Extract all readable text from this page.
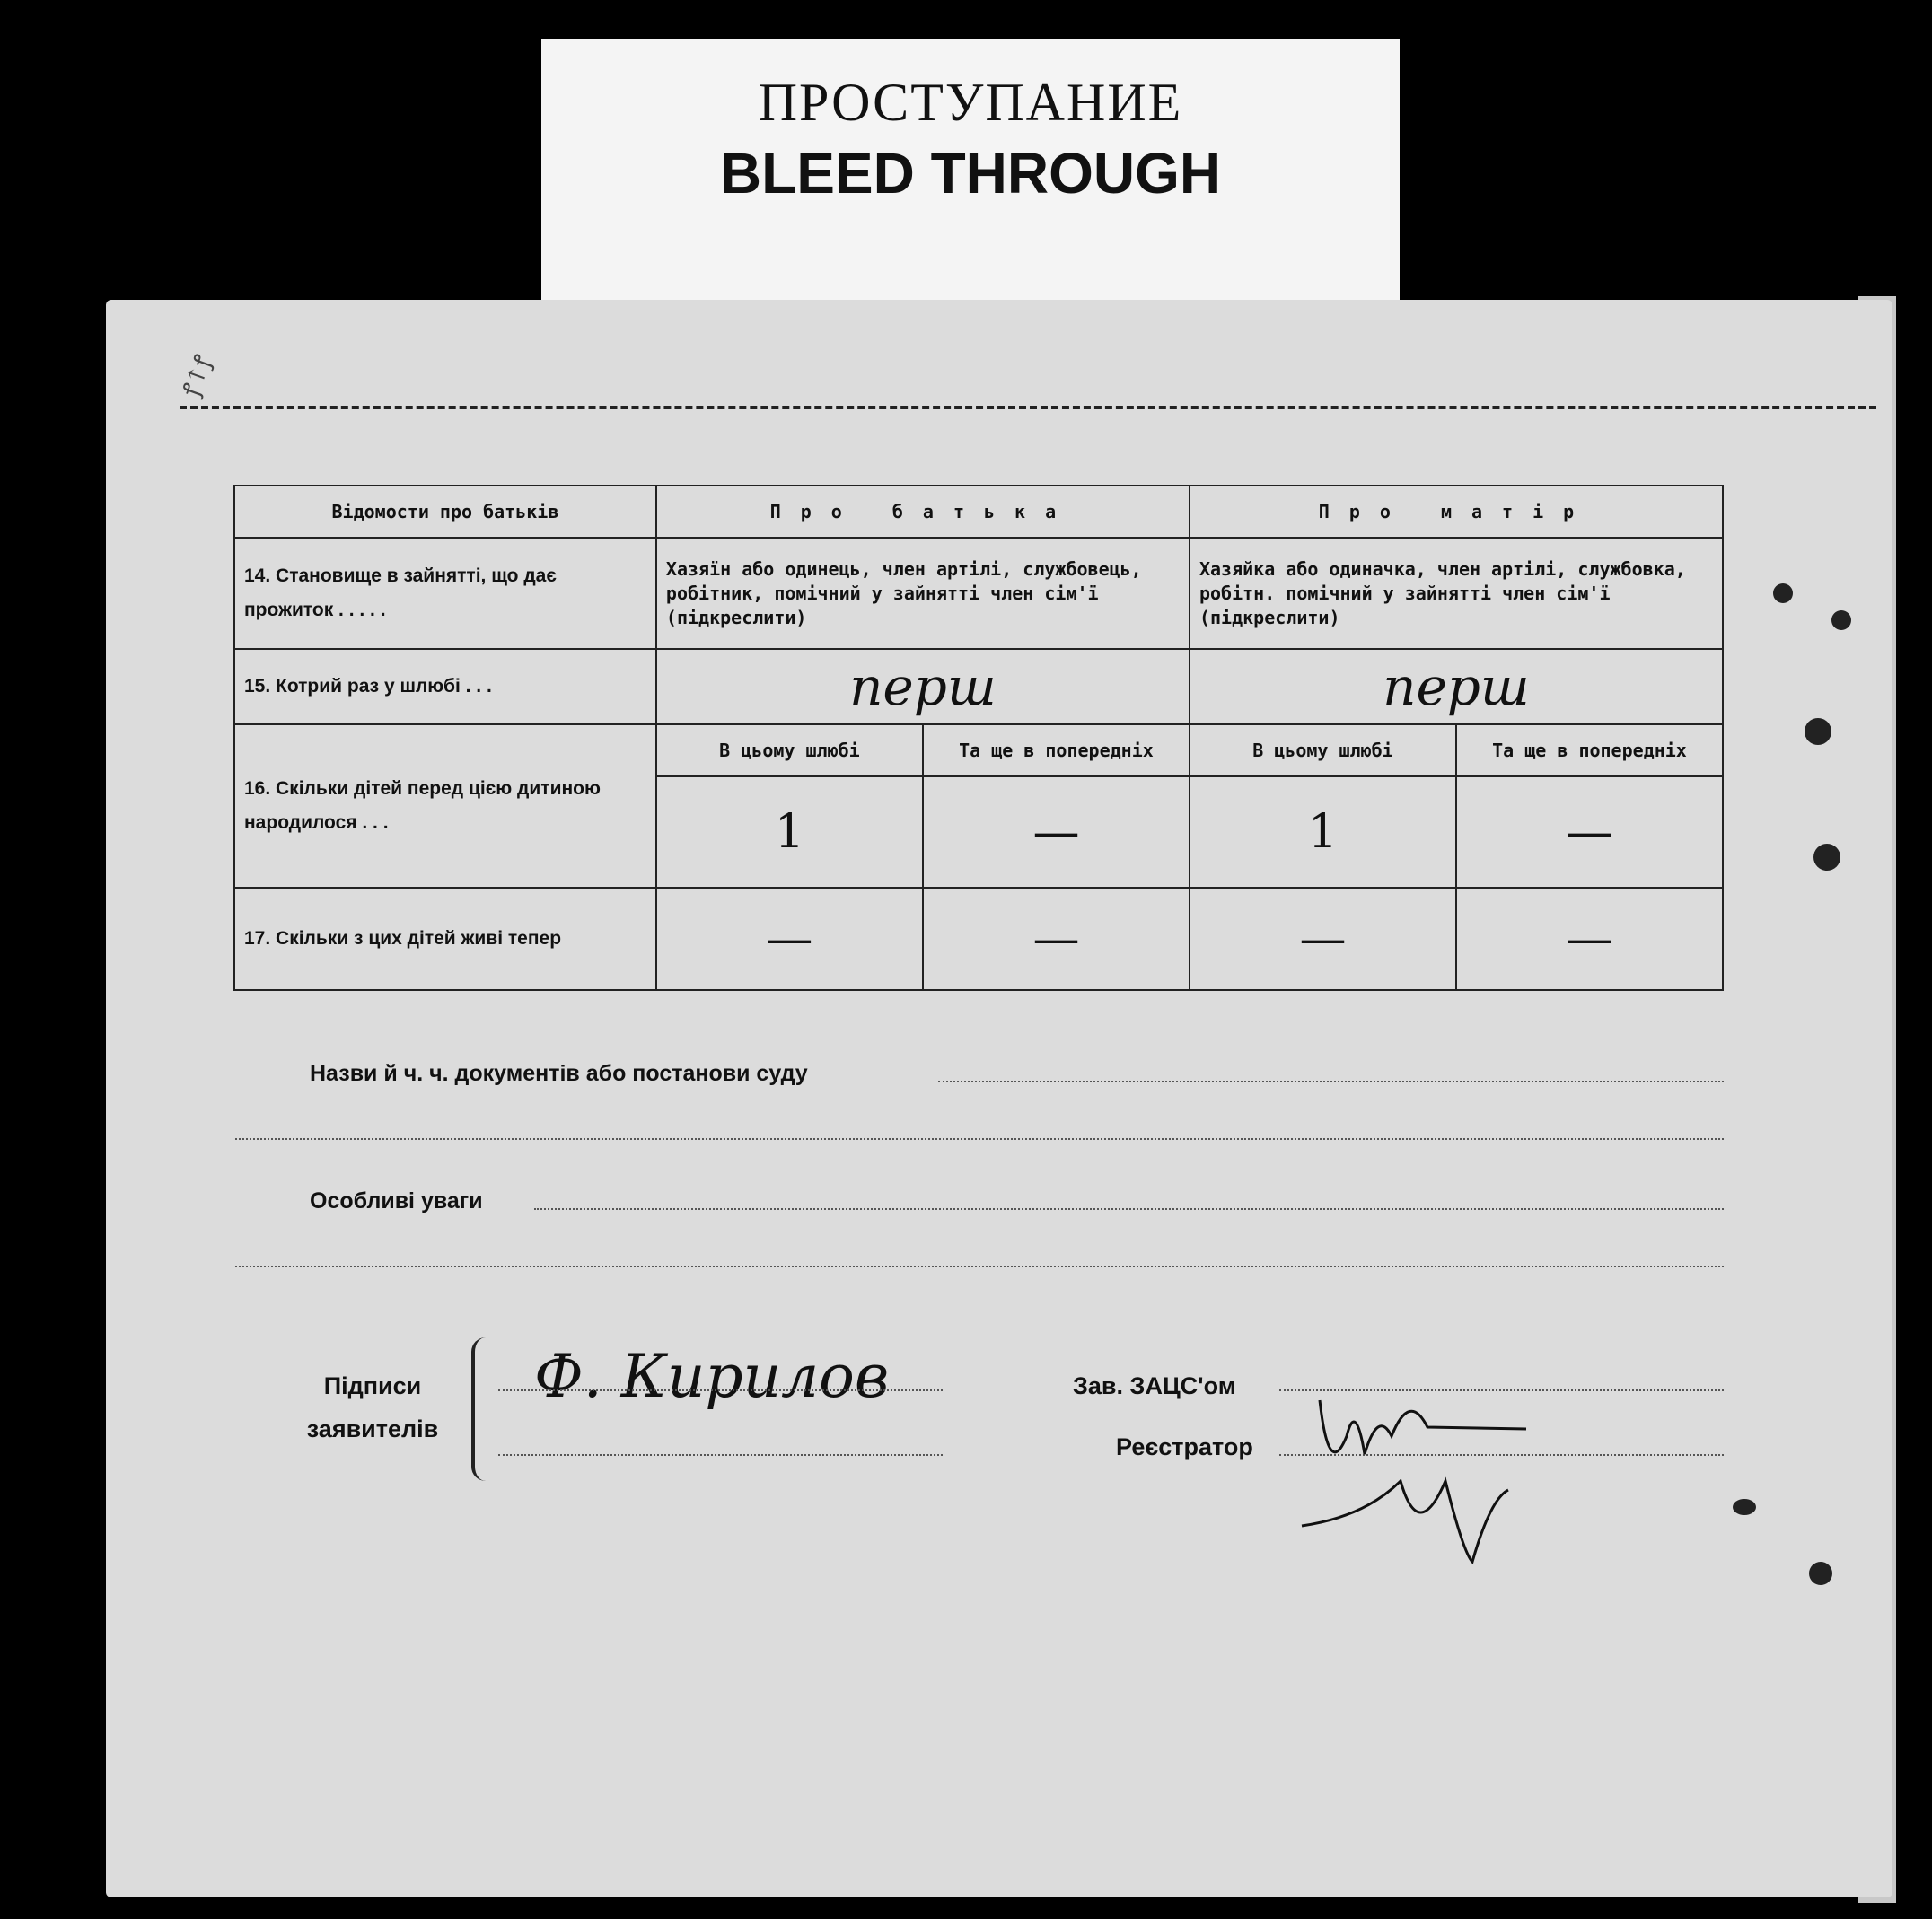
ПРОСТУПАНИЕ
BLEED THROUGH
ꝭ↑ꝭ
Відомости про батьків	Про батька		Про матір	
14. Становище в зайнятті, що дає прожиток . . . . .	Хазяїн або одинець, член артілі, службовець, робітник, помічний у зайнятті член сім'ї (підкреслити)		Хазяйка або одиначка, член артілі, службовка, робітн. помічний у зайнятті член сім'ї (підкреслити)	
15. Котрий раз у шлюбі . . .	перш		перш	
16. Скільки дітей перед цією дитиною народилося . . .	В цьому шлюбі	Та ще в попередніх	В цьому шлюбі	Та ще в попередніх
	1	—	1	—
17. Скільки з цих дітей живі тепер	—	—	—	—
Назви й ч. ч. документів або постанови суду
Особливі уваги
Підписи
заявителів
Ф. Кирилов	Зав. ЗАЦС'ом
Реєстратор
